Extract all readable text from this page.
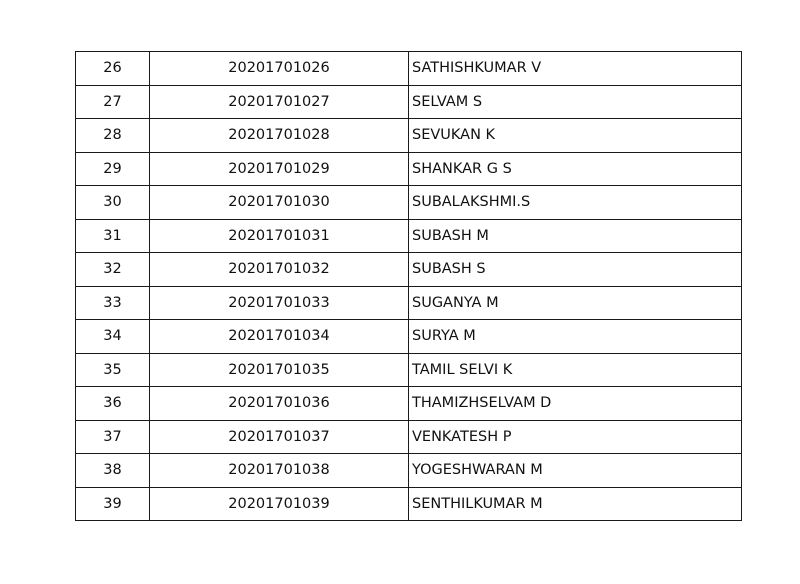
26	20201701026	SATHISHKUMAR V
27	20201701027	SELVAM S
28	20201701028	SEVUKAN K
29	20201701029	SHANKAR G S
30	20201701030	SUBALAKSHMI.S
31	20201701031	SUBASH M
32	20201701032	SUBASH S
33	20201701033	SUGANYA M
34	20201701034	SURYA M
35	20201701035	TAMIL SELVI K
36	20201701036	THAMIZHSELVAM D
37	20201701037	VENKATESH P
38	20201701038	YOGESHWARAN M
39	20201701039	SENTHILKUMAR M
